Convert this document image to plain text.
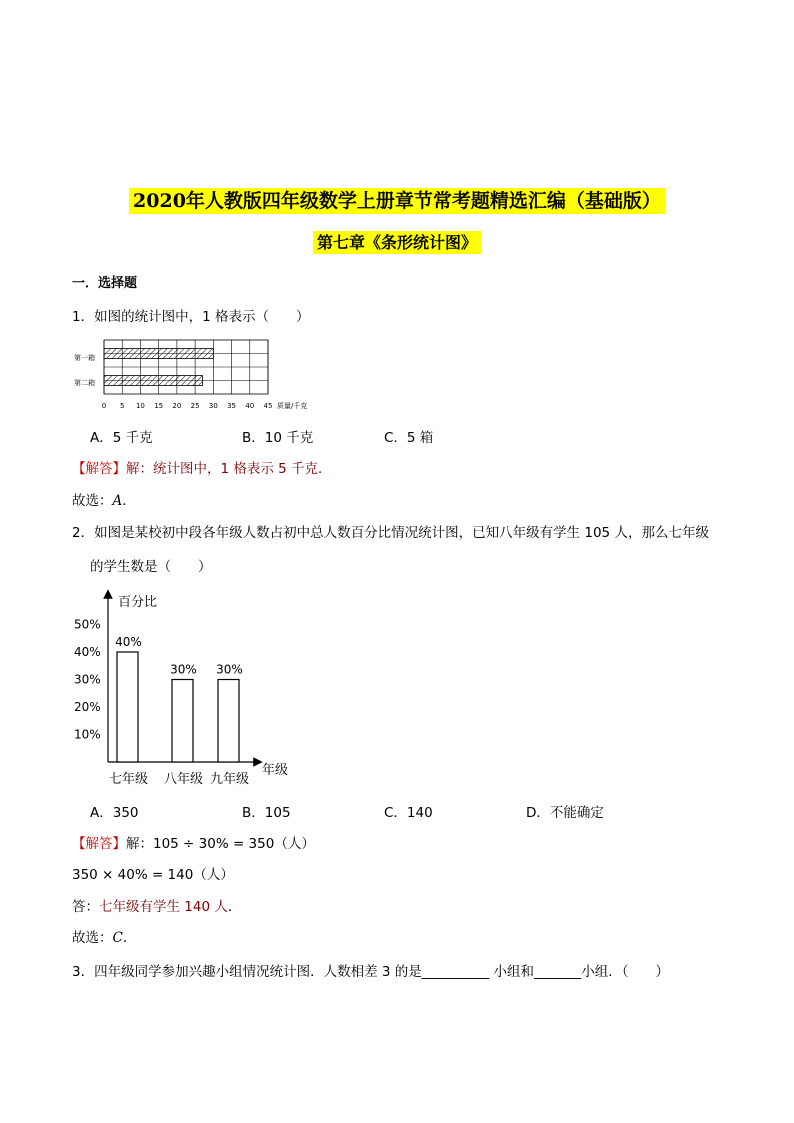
2020年人教版四年级数学上册章节常考题精选汇编（基础版）
第七章《条形统计图》
一．选择题
1．如图的统计图中，1 格表示（　　）
第一箱
第二箱
0 5 10 15 20 25 30 35 40 45 质量/千克
A．5 千克	B．10 千克	C．5 箱
【解答】解：统计图中，1 格表示 5 千克．
故选：A．
2．如图是某校初中段各年级人数占初中总人数百分比情况统计图，已知八年级有学生 105 人，那么七年级
的学生数是（　　）
百分比
年级
10%
20%
30%
40%
50%
40%
30% 30%
七年级 八年级 九年级
A．350	B．105	C．140	D．不能确定
【解答】解：105 ÷ 30% = 350（人）
350 × 40% = 140（人）
答：七年级有学生 140 人．
故选：C．
3．四年级同学参加兴趣小组情况统计图．人数相差 3 的是__________ 小组和_______小组．（　　）
